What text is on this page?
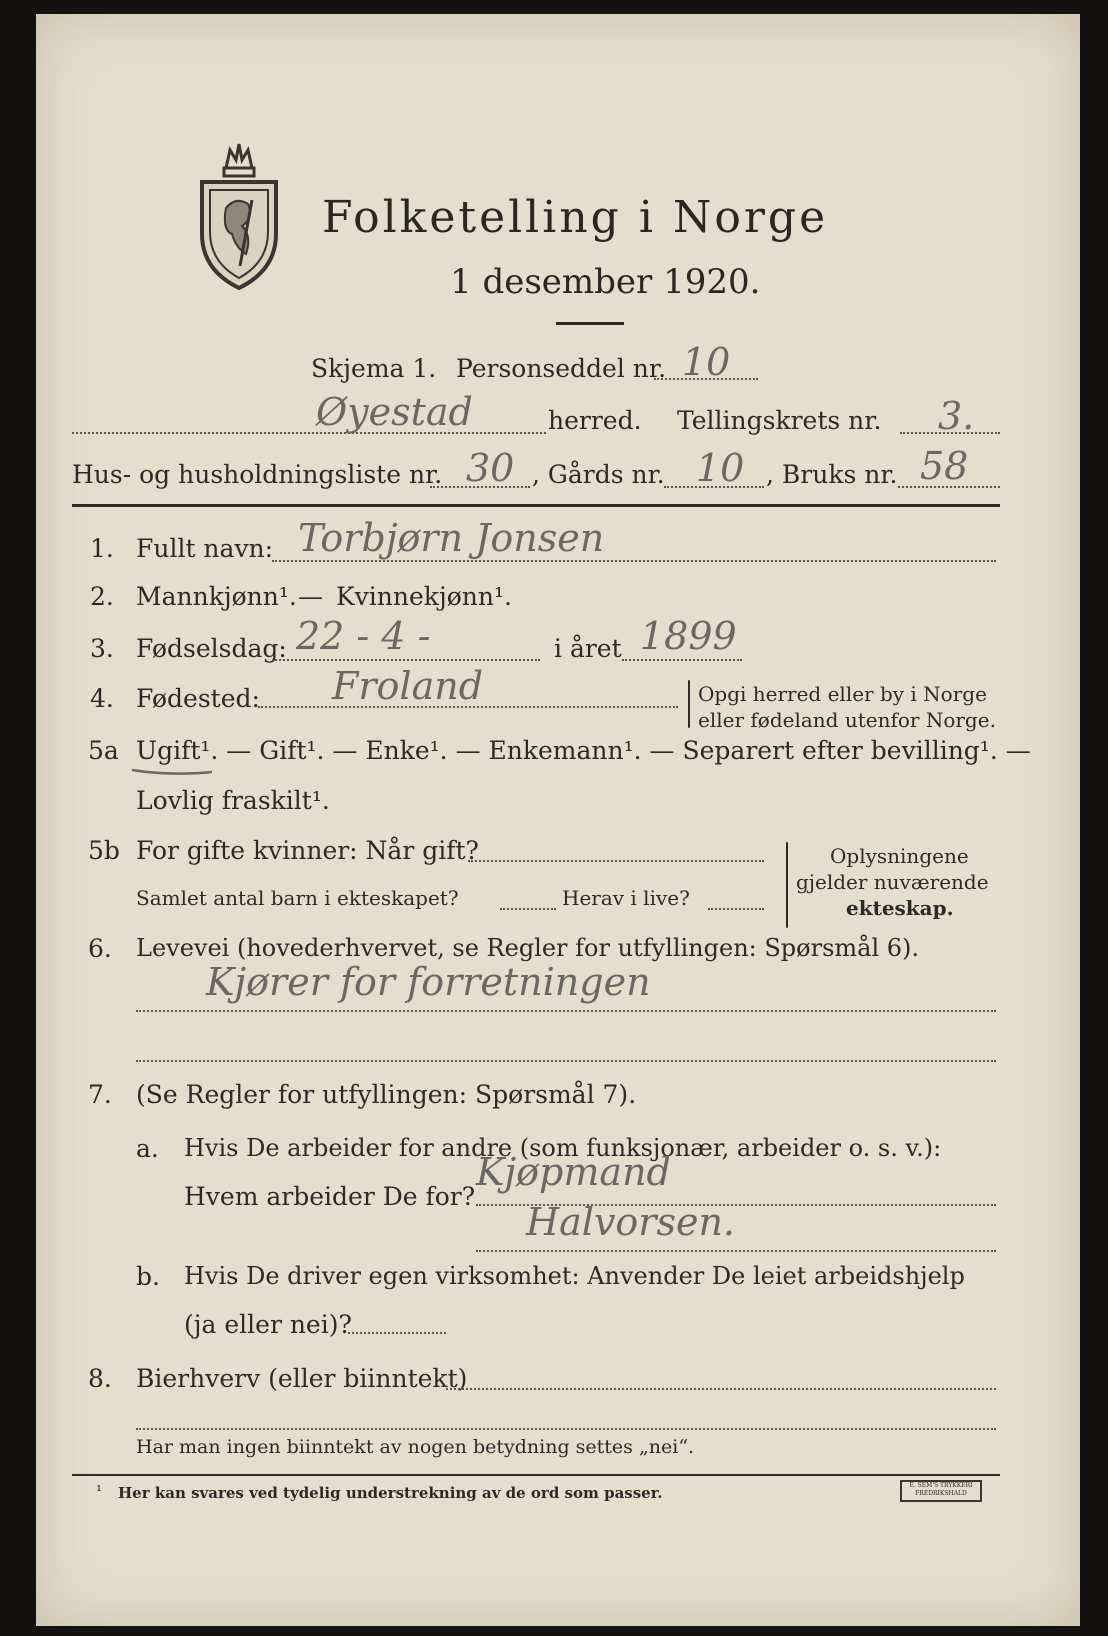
Folketelling i Norge
1 desember 1920.
Skjema 1. Personseddel nr. 10
Øyestad	herred. Tellingskrets nr. 3.
Hus- og husholdningsliste nr. 30 , Gårds nr. 10 , Bruks nr. 58
1. Fullt navn: Torbjørn Jonsen
2. Mannkjønn¹. — Kvinnekjønn¹.
3. Fødselsdag: 22 - 4 -	i året 1899
4. Fødested: Froland	Opgi herred eller by i Norge
eller fødeland utenfor Norge.
5a Ugift¹. — Gift¹. — Enke¹. — Enkemann¹. — Separert efter bevilling¹. —
Lovlig fraskilt¹.
5b For gifte kvinner: Når gift?
Samlet antal barn i ekteskapet?	Herav i live?
Oplysningene
gjelder nuværende
ekteskap.
6. Levevei (hovederhvervet, se Regler for utfyllingen: Spørsmål 6).
Kjører for forretningen
7. (Se Regler for utfyllingen: Spørsmål 7).
a. Hvis De arbeider for andre (som funksjonær, arbeider o. s. v.):
Hvem arbeider De for?
Kjøpmand
Halvorsen.
b. Hvis De driver egen virksomhet: Anvender De leiet arbeidshjelp
(ja eller nei)?
8. Bierhverv (eller biinntekt)
Har man ingen biinntekt av nogen betydning settes „nei“.
¹ Her kan svares ved tydelig understrekning av de ord som passer.	E. SEM'S TRYKKERI FREDRIKSHALD
